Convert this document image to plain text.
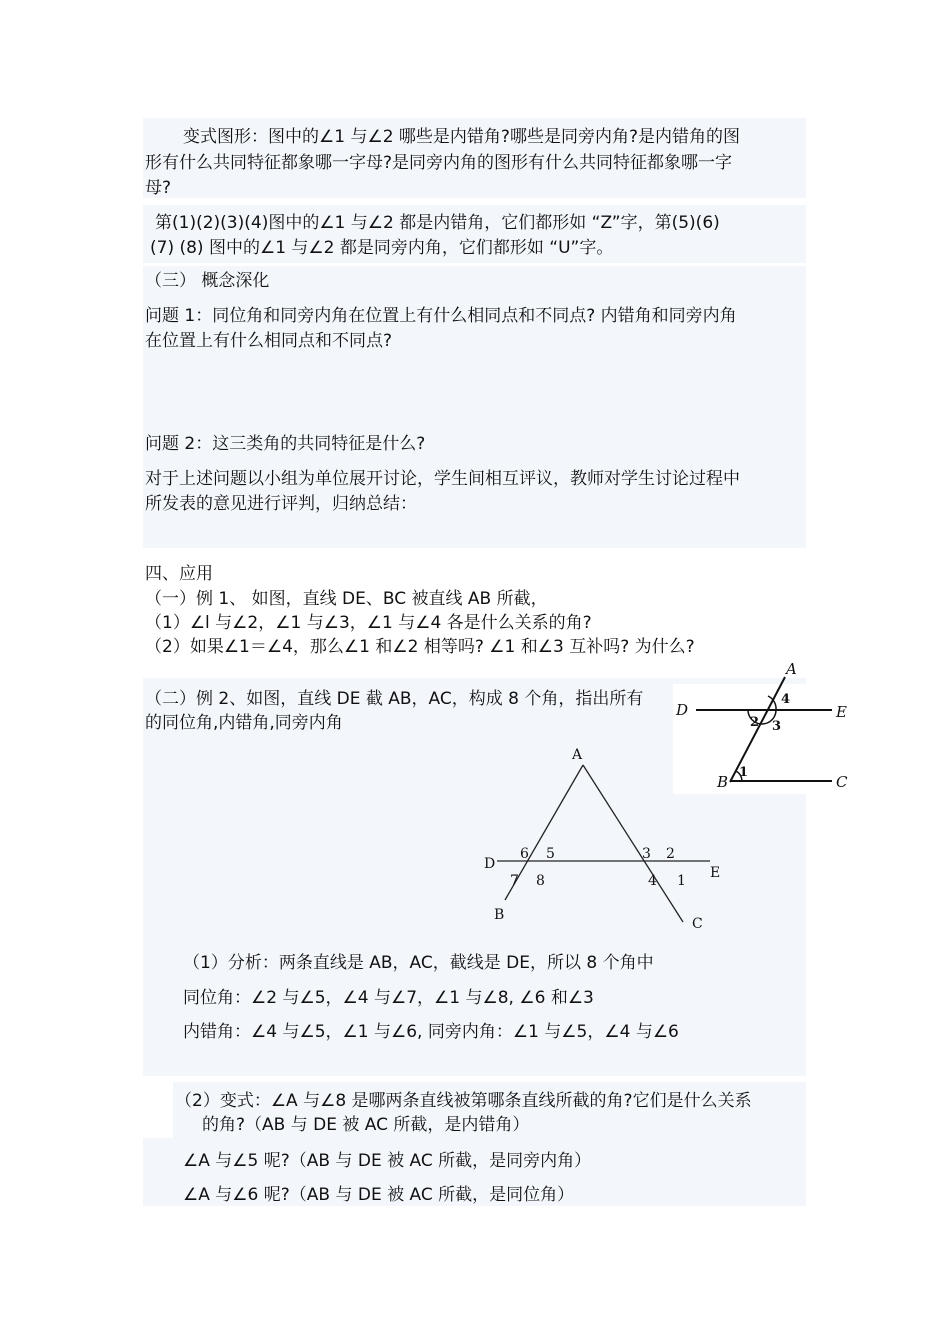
变式图形：图中的∠1 与∠2 哪些是内错角?哪些是同旁内角?是内错角的图
形有什么共同特征都象哪一字母?是同旁内角的图形有什么共同特征都象哪一字
母?
第(1)(2)(3)(4)图中的∠1 与∠2 都是内错角，它们都形如 “Z”字，第(5)(6)
(7) (8) 图中的∠1 与∠2 都是同旁内角，它们都形如 “U”字。
（三） 概念深化
问题 1：同位角和同旁内角在位置上有什么相同点和不同点? 内错角和同旁内角
在位置上有什么相同点和不同点?
问题 2：这三类角的共同特征是什么?
对于上述问题以小组为单位展开讨论，学生间相互评议，教师对学生讨论过程中
所发表的意见进行评判，归纳总结：
四、应用
（一）例 1、 如图，直线 DE、BC 被直线 AB 所截，
（1）∠l 与∠2，∠1 与∠3，∠1 与∠4 各是什么关系的角?
（2）如果∠1＝∠4，那么∠1 和∠2 相等吗? ∠1 和∠3 互补吗? 为什么?
（二）例 2、如图，直线 DE 截 AB，AC，构成 8 个角，指出所有
的同位角,内错角,同旁内角
A
D	E
B	C
2 3
4
1
A
D
E
B
C
6 5
7 8
3 2
4 1
（1）分析：两条直线是 AB，AC，截线是 DE，所以 8 个角中
同位角：∠2 与∠5，∠4 与∠7，∠1 与∠8, ∠6 和∠3
内错角：∠4 与∠5，∠1 与∠6, 同旁内角：∠1 与∠5，∠4 与∠6
（2）变式：∠A 与∠8 是哪两条直线被第哪条直线所截的角?它们是什么关系
的角?（AB 与 DE 被 AC 所截，是内错角）
∠A 与∠5 呢?（AB 与 DE 被 AC 所截，是同旁内角）
∠A 与∠6 呢?（AB 与 DE 被 AC 所截，是同位角）
